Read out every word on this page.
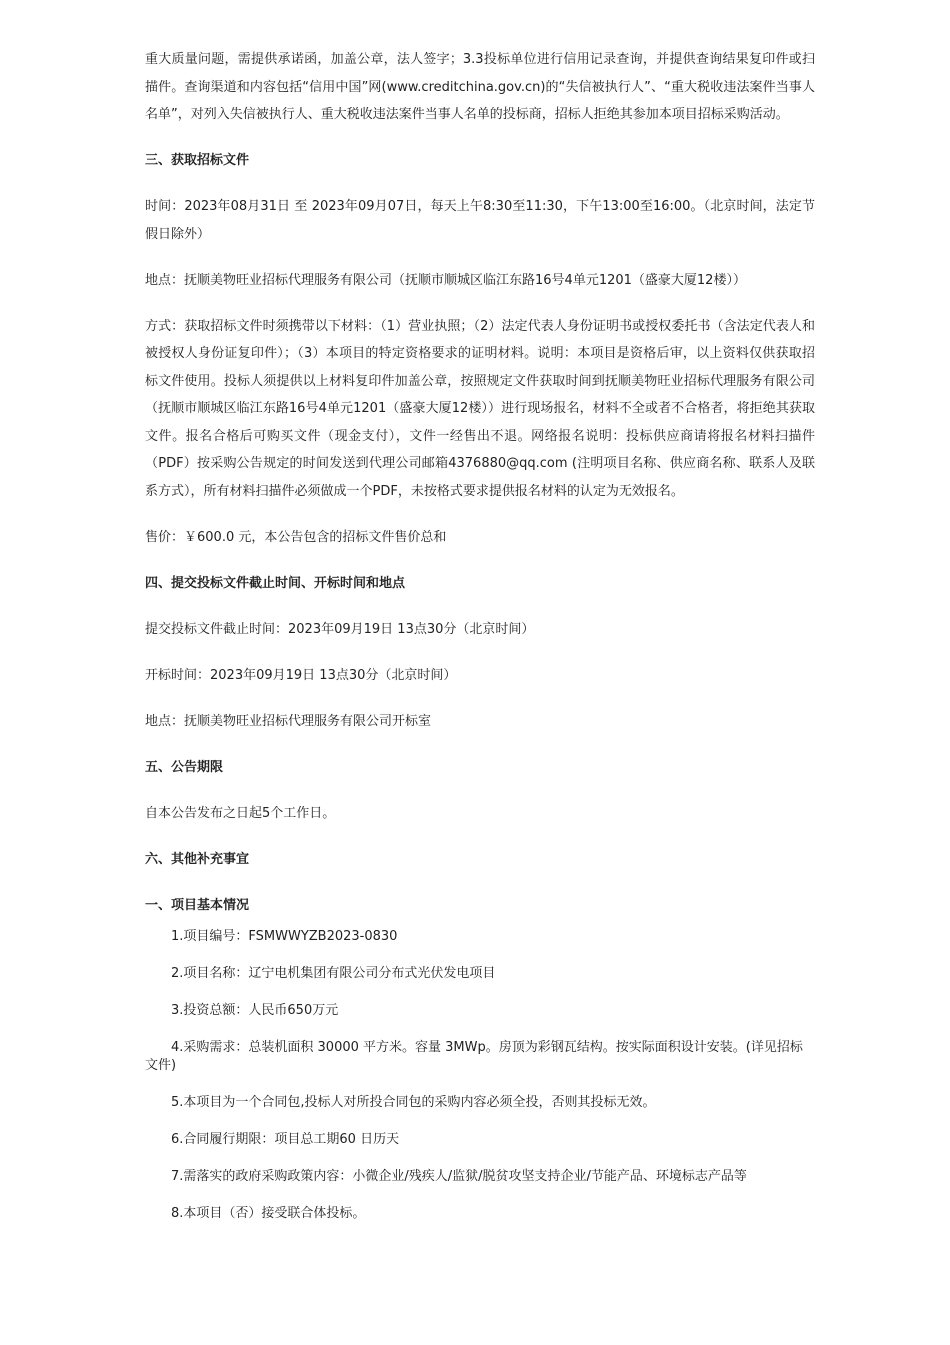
重大质量问题，需提供承诺函，加盖公章，法人签字；3.3投标单位进行信用记录查询，并提供查询结果复印件或扫描件。查询渠道和内容包括“信用中国”网(www.creditchina.gov.cn)的“失信被执行人”、“重大税收违法案件当事人名单”，对列入失信被执行人、重大税收违法案件当事人名单的投标商，招标人拒绝其参加本项目招标采购活动。

三、获取招标文件

时间：2023年08月31日 至 2023年09月07日，每天上午8:30至11:30，下午13:00至16:00。（北京时间，法定节假日除外）

地点：抚顺美物旺业招标代理服务有限公司（抚顺市顺城区临江东路16号4单元1201（盛豪大厦12楼））

方式：获取招标文件时须携带以下材料：（1）营业执照；（2）法定代表人身份证明书或授权委托书（含法定代表人和被授权人身份证复印件）；（3）本项目的特定资格要求的证明材料。说明：本项目是资格后审，以上资料仅供获取招标文件使用。投标人须提供以上材料复印件加盖公章，按照规定文件获取时间到抚顺美物旺业招标代理服务有限公司（抚顺市顺城区临江东路16号4单元1201（盛豪大厦12楼））进行现场报名，材料不全或者不合格者，将拒绝其获取文件。报名合格后可购买文件（现金支付），文件一经售出不退。网络报名说明：投标供应商请将报名材料扫描件（PDF）按采购公告规定的时间发送到代理公司邮箱4376880@qq.com (注明项目名称、供应商名称、联系人及联系方式），所有材料扫描件必须做成一个PDF，未按格式要求提供报名材料的认定为无效报名。

售价：￥600.0 元，本公告包含的招标文件售价总和

四、提交投标文件截止时间、开标时间和地点

提交投标文件截止时间：2023年09月19日 13点30分（北京时间）

开标时间：2023年09月19日 13点30分（北京时间）

地点：抚顺美物旺业招标代理服务有限公司开标室

五、公告期限

自本公告发布之日起5个工作日。

六、其他补充事宜
一、项目基本情况
1.项目编号：FSMWWYZB2023-0830
2.项目名称：辽宁电机集团有限公司分布式光伏发电项目
3.投资总额：人民币650万元
4.采购需求：总装机面积 30000 平方米。容量 3MWp。房顶为彩钢瓦结构。按实际面积设计安装。(详见招标文件)
5.本项目为一个合同包,投标人对所投合同包的采购内容必须全投，否则其投标无效。
6.合同履行期限：项目总工期60 日历天
7.需落实的政府采购政策内容：小微企业/残疾人/监狱/脱贫攻坚支持企业/节能产品、环境标志产品等
8.本项目（否）接受联合体投标。
